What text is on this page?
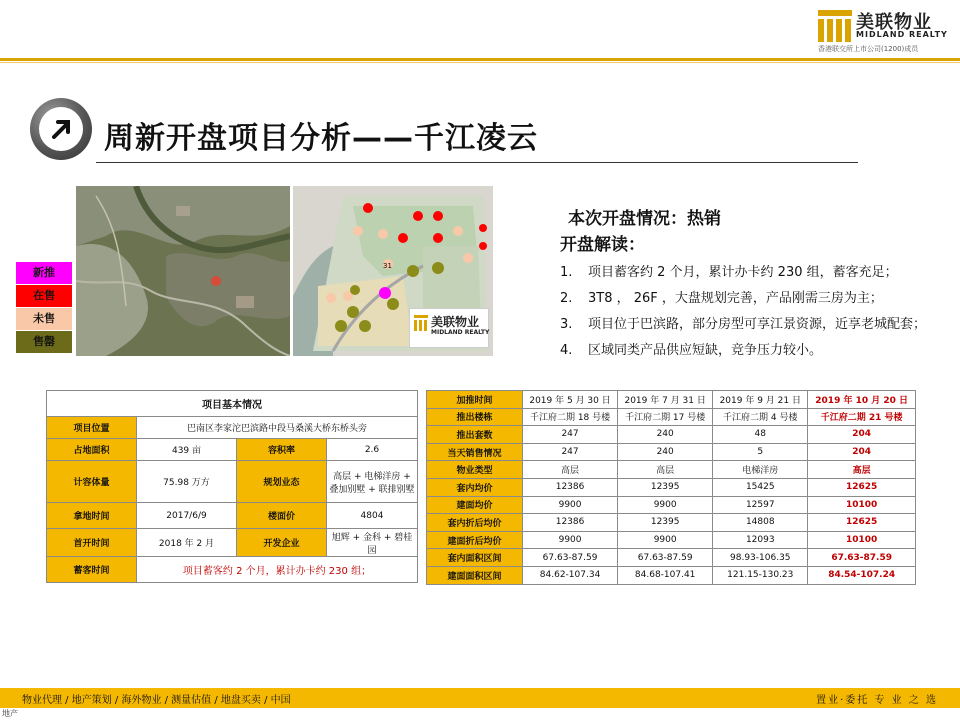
美联物业
MIDLAND REALTY
香港联交所上市公司(1200)成员
周新开盘项目分析——千江凌云
新推
在售
未售
售罄
31
美联物业
MIDLAND REALTY
本次开盘情况：热销
开盘解读：
1. 项目蓄客约 2 个月，累计办卡约 230 组，蓄客充足；
2. 3T8 ， 26F ，大盘规划完善，产品刚需三房为主；
3. 项目位于巴滨路，部分房型可享江景资源，近享老城配套；
4. 区域同类产品供应短缺，竞争压力较小。
项目基本情况			
项目位置	巴南区李家沱巴滨路中段马桑溪大桥东桥头旁		
占地面积	439 亩	容积率	2.6
计容体量	75.98 万方	规划业态	高层 + 电梯洋房 + 叠加别墅 + 联排别墅
拿地时间	2017/6/9	楼面价	4804
首开时间	2018 年 2 月	开发企业	旭辉 + 金科 + 碧桂园
蓄客时间	项目蓄客约 2 个月，累计办卡约 230 组；		
加推时间	2019 年 5 月 30 日	2019 年 7 月 31 日	2019 年 9 月 21 日	2019 年 10 月 20 日
推出楼栋	千江府二期 18 号楼	千江府二期 17 号楼	千江府二期 4 号楼	千江府二期 21 号楼
推出套数	247	240	48	204
当天销售情况	247	240	5	204
物业类型	高层	高层	电梯洋房	高层
套内均价	12386	12395	15425	12625
建面均价	9900	9900	12597	10100
套内折后均价	12386	12395	14808	12625
建面折后均价	9900	9900	12093	10100
套内面积区间	67.63-87.59	67.63-87.59	98.93-106.35	67.63-87.59
建面面积区间	84.62-107.34	84.68-107.41	121.15-130.23	84.54-107.24
物业代理 / 地产策划 / 海外物业 / 测量估值 / 地盘买卖 / 中国	置业·委托 专 业 之 选
地产
